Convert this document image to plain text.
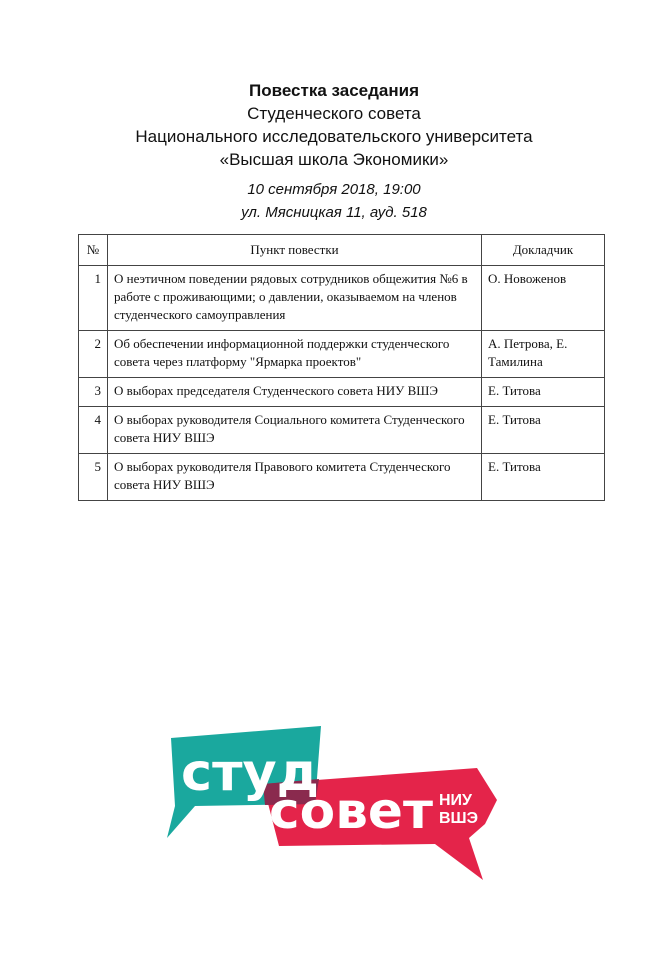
Повестка заседания
Студенческого совета
Национального исследовательского университета
«Высшая школа Экономики»
10 сентября 2018, 19:00
ул. Мясницкая 11, ауд. 518
№	Пункт повестки	Докладчик
1	О неэтичном поведении рядовых сотрудников общежития №6 в работе с проживающими; о давлении, оказываемом на членов студенческого самоуправления	О. Новоженов
2	Об обеспечении информационной поддержки студенческого совета через платформу "Ярмарка проектов"	А. Петрова, Е. Тамилина
3	О выборах председателя Студенческого совета НИУ ВШЭ	Е. Титова
4	О выборах руководителя Социального комитета Студенческого совета НИУ ВШЭ	Е. Титова
5	О выборах руководителя Правового комитета Студенческого совета НИУ ВШЭ	Е. Титова
студ
совет НИУ
ВШЭ
